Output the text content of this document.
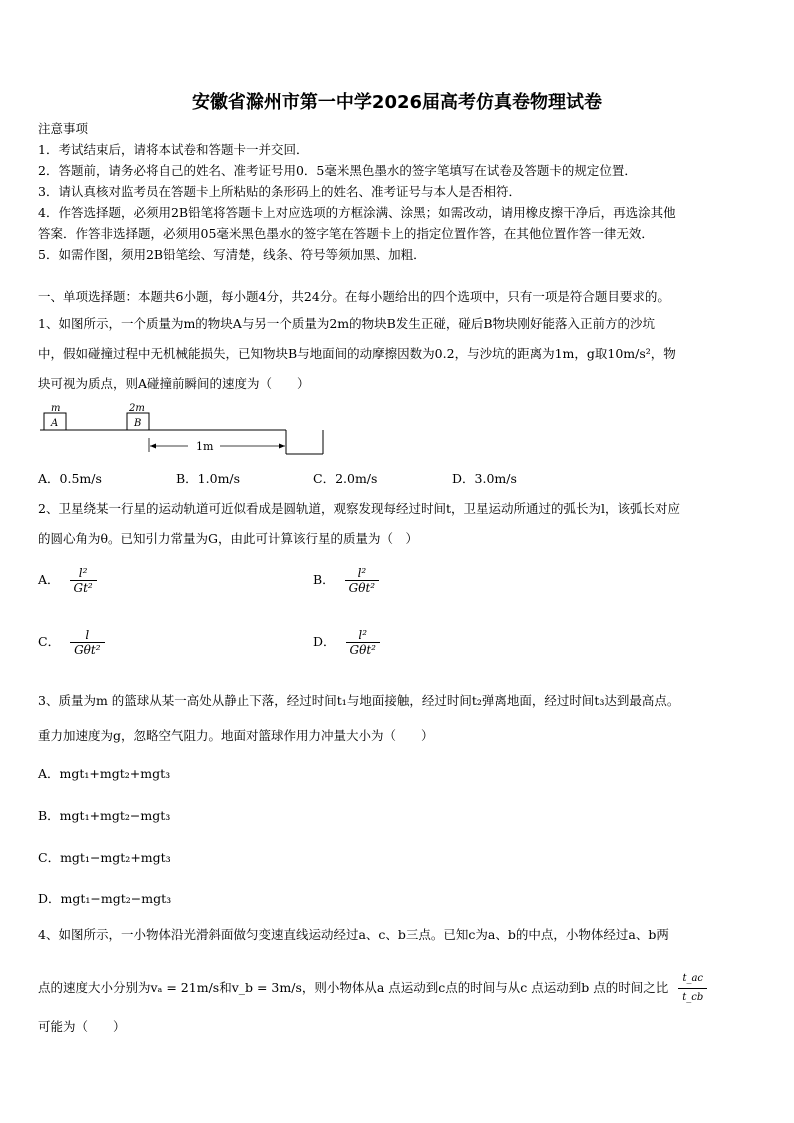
安徽省滁州市第一中学2026届高考仿真卷物理试卷
注意事项
1．考试结束后，请将本试卷和答题卡一并交回．
2．答题前，请务必将自己的姓名、准考证号用0．5毫米黑色墨水的签字笔填写在试卷及答题卡的规定位置．
3．请认真核对监考员在答题卡上所粘贴的条形码上的姓名、准考证号与本人是否相符．
4．作答选择题，必须用2B铅笔将答题卡上对应选项的方框涂满、涂黑；如需改动，请用橡皮擦干净后，再选涂其他
答案．作答非选择题，必须用05毫米黑色墨水的签字笔在答题卡上的指定位置作答，在其他位置作答一律无效．
5．如需作图，须用2B铅笔绘、写清楚，线条、符号等须加黑、加粗．
一、单项选择题：本题共6小题，每小题4分，共24分。在每小题给出的四个选项中，只有一项是符合题目要求的。
1、如图所示，一个质量为m的物块A与另一个质量为2m的物块B发生正碰，碰后B物块刚好能落入正前方的沙坑
中，假如碰撞过程中无机械能损失，已知物块B与地面间的动摩擦因数为0.2，与沙坑的距离为1m，g取10m/s²，物
块可视为质点，则A碰撞前瞬间的速度为（　　）
m
A
2m
B
1m
A．0.5m/s	B．1.0m/s	C．2.0m/s	D．3.0m/s
2、卫星绕某一行星的运动轨道可近似看成是圆轨道，观察发现每经过时间t，卫星运动所通过的弧长为l，该弧长对应
的圆心角为θ。已知引力常量为G，由此可计算该行星的质量为（　）
A． $\frac{\text{l²}}{\text{Gt²}}$	B． $\frac{\text{l²}}{\text{Gθt²}}$
C． $\frac{l}{\text{Gθt²}}$	D． $\frac{\text{l²}}{\text{Gθt²}}$
3、质量为m 的篮球从某一高处从静止下落，经过时间t₁与地面接触，经过时间t₂弹离地面，经过时间t₃达到最高点。
重力加速度为g，忽略空气阻力。地面对篮球作用力冲量大小为（　　）
A．mgt₁+mgt₂+mgt₃
B．mgt₁+mgt₂−mgt₃
C．mgt₁−mgt₂+mgt₃
D．mgt₁−mgt₂−mgt₃
4、如图所示，一小物体沿光滑斜面做匀变速直线运动经过a、c、b三点。已知c为a、b的中点，小物体经过a、b两
点的速度大小分别为vₐ = 21m/s和v_b = 3m/s，则小物体从a 点运动到c点的时间与从c 点运动到b 点的时间之比 $\frac{t\_ac}{t\_cb}$
可能为（　　）
